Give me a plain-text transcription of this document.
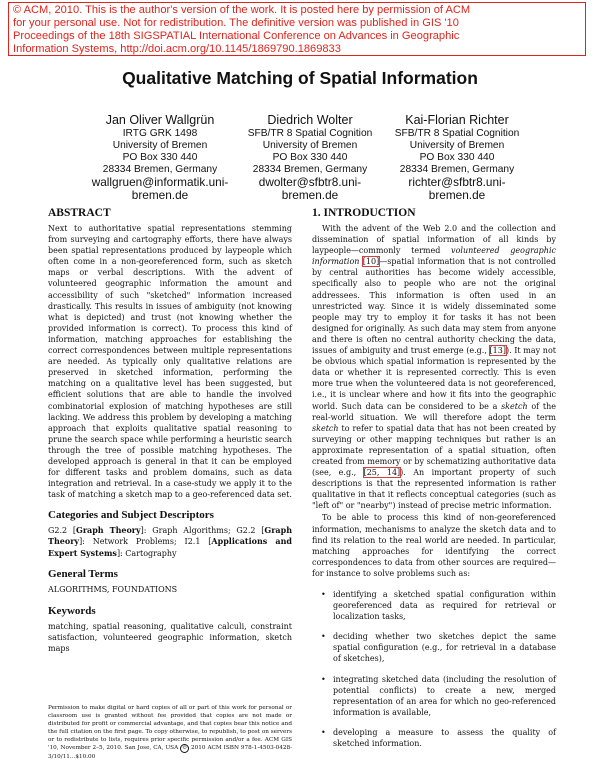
© ACM, 2010. This is the author's version of the work. It is posted here by permission of ACM
for your personal use. Not for redistribution. The definitive version was published in GIS '10
Proceedings of the 18th SIGSPATIAL International Conference on Advances in Geographic
Information Systems, http://doi.acm.org/10.1145/1869790.1869833
Qualitative Matching of Spatial Information
Jan Oliver Wallgrün
IRTG GRK 1498
University of Bremen
PO Box 330 440
28334 Bremen, Germany
wallgruen@informatik.uni-
bremen.de
Diedrich Wolter
SFB/TR 8 Spatial Cognition
University of Bremen
PO Box 330 440
28334 Bremen, Germany
dwolter@sfbtr8.uni-
bremen.de
Kai-Florian Richter
SFB/TR 8 Spatial Cognition
University of Bremen
PO Box 330 440
28334 Bremen, Germany
richter@sfbtr8.uni-
bremen.de
ABSTRACT

Next to authoritative spatial representations stemming from surveying and cartography efforts, there have always been spatial representations produced by laypeople which often come in a non-georeferenced form, such as sketch maps or verbal descriptions. With the advent of volunteered geographic information the amount and accessibility of such "sketched" information increased drastically. This results in issues of ambiguity (not knowing what is depicted) and trust (not knowing whether the provided information is correct). To process this kind of information, matching approaches for establishing the correct correspondences between multiple representations are needed. As typically only qualitative relations are preserved in sketched information, performing the matching on a qualitative level has been suggested, but efficient solutions that are able to handle the involved combinatorial explosion of matching hypotheses are still lacking. We address this problem by developing a matching approach that exploits qualitative spatial reasoning to prune the search space while performing a heuristic search through the tree of possible matching hypotheses. The developed approach is general in that it can be employed for different tasks and problem domains, such as data integration and retrieval. In a case-study we apply it to the task of matching a sketch map to a geo-referenced data set.

Categories and Subject Descriptors

G2.2 [Graph Theory]: Graph Algorithms; G2.2 [Graph Theory]: Network Problems; I2.1 [Applications and Expert Systems]: Cartography

General Terms

ALGORITHMS, FOUNDATIONS

Keywords

matching, spatial reasoning, qualitative calculi, constraint satisfaction, volunteered geographic information, sketch maps

Permission to make digital or hard copies of all or part of this work for personal or classroom use is granted without fee provided that copies are not made or distributed for profit or commercial advantage, and that copies bear this notice and the full citation on the first page. To copy otherwise, to republish, to post on servers or to redistribute to lists, requires prior specific permission and/or a fee. ACM GIS '10, November 2–5, 2010. San Jose, CA, USA © 2010 ACM ISBN 978-1-4503-0428-3/10/11...$10.00
1. INTRODUCTION

With the advent of the Web 2.0 and the collection and dissemination of spatial information of all kinds by laypeople—commonly termed volunteered geographic information [10]—spatial information that is not controlled by central authorities has become widely accessible, specifically also to people who are not the original addressees. This information is often used in an unrestricted way. Since it is widely disseminated some people may try to employ it for tasks it has not been designed for originally. As such data may stem from anyone and there is often no central authority checking the data, issues of ambiguity and trust emerge (e.g., [13]). It may not be obvious which spatial information is represented by the data or whether it is represented correctly. This is even more true when the volunteered data is not georeferenced, i.e., it is unclear where and how it fits into the geographic world. Such data can be considered to be a sketch of the real-world situation. We will therefore adopt the term sketch to refer to spatial data that has not been created by surveying or other mapping techniques but rather is an approximate representation of a spatial situation, often created from memory or by schematizing authoritative data (see, e.g., [25, 14]). An important property of such descriptions is that the represented information is rather qualitative in that it reflects conceptual categories (such as "left of" or "nearby") instead of precise metric information.

To be able to process this kind of non-georeferenced information, mechanisms to analyze the sketch data and to find its relation to the real world are needed. In particular, matching approaches for identifying the correct correspondences to data from other sources are required—for instance to solve problems such as:

• identifying a sketched spatial configuration within georeferenced data as required for retrieval or localization tasks,
• deciding whether two sketches depict the same spatial configuration (e.g., for retrieval in a database of sketches),
• integrating sketched data (including the resolution of potential conflicts) to create a new, merged representation of an area for which no geo-referenced information is available,
• developing a measure to assess the quality of sketched information.
